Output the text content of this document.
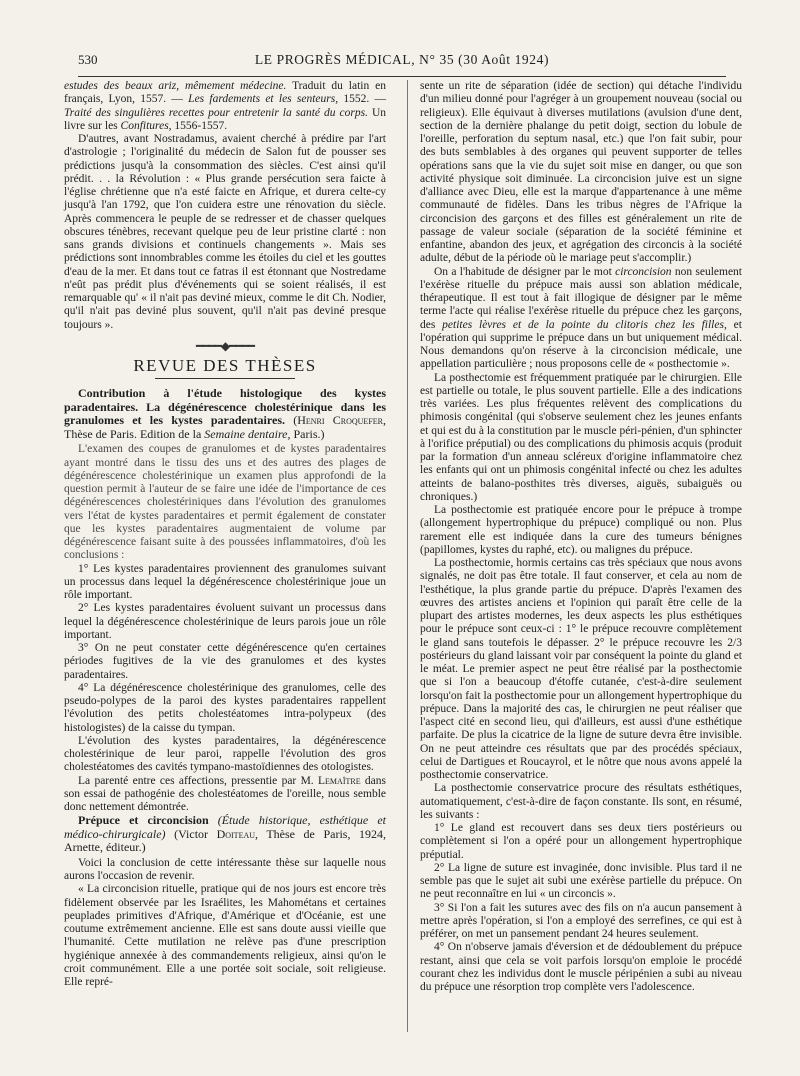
530	LE PROGRÈS MÉDICAL, N° 35 (30 Août 1924)

estudes des beaux ariz, mêmement médecine. Traduit du latin en français, Lyon, 1557. — Les fardements et les senteurs, 1552. — Traité des singulières recettes pour entretenir la santé du corps. Un livre sur les Confitures, 1556-1557.

D'autres, avant Nostradamus, avaient cherché à prédire par l'art d'astrologie ; l'originalité du médecin de Salon fut de pousser ses prédictions jusqu'à la consommation des siècles. C'est ainsi qu'il prédit. . . la Révolution : « Plus grande persécution sera faicte à l'église chrétienne que n'a esté faicte en Afrique, et durera celte-cy jusqu'à l'an 1792, que l'on cuidera estre une rénovation du siècle. Après commencera le peuple de se redresser et de chasser quelques obscures ténèbres, recevant quelque peu de leur pristine clarté : non sans grands divisions et continuels changements ». Mais ses prédictions sont innombrables comme les étoiles du ciel et les gouttes d'eau de la mer. Et dans tout ce fatras il est étonnant que Nostredame n'eût pas prédit plus d'événements qui se soient réalisés, il est remarquable qu' « il n'ait pas deviné mieux, comme le dit Ch. Nodier, qu'il n'ait pas deviné plus souvent, qu'il n'ait pas deviné presque toujours ».

━━━━◆━━━━
REVUE DES THÈSES

Contribution à l'étude histologique des kystes paradentaires. La dégénérescence cholestérinique dans les granulomes et les kystes paradentaires. (Henri Croquefer, Thèse de Paris. Edition de la Semaine dentaire, Paris.)

L'examen des coupes de granulomes et de kystes paradentaires ayant montré dans le tissu des uns et des autres des plages de dégénérescence cholestérinique un examen plus approfondi de la question permit à l'auteur de se faire une idée de l'importance de ces dégénérescences cholestériniques dans l'évolution des granulomes vers l'état de kystes paradentaires et permit également de constater que les kystes paradentaires augmentaient de volume par dégénérescence faisant suite à des poussées inflammatoires, d'où les conclusions :

1° Les kystes paradentaires proviennent des granulomes suivant un processus dans lequel la dégénérescence cholestérinique joue un rôle important.

2° Les kystes paradentaires évoluent suivant un processus dans lequel la dégénérescence cholestérinique de leurs parois joue un rôle important.

3° On ne peut constater cette dégénérescence qu'en certaines périodes fugitives de la vie des granulomes et des kystes paradentaires.

4° La dégénérescence cholestérinique des granulomes, celle des pseudo-polypes de la paroi des kystes paradentaires rappellent l'évolution des petits cholestéatomes intra-polypeux (des histologistes) de la caisse du tympan.

L'évolution des kystes paradentaires, la dégénérescence cholestérinique de leur paroi, rappelle l'évolution des gros cholestéatomes des cavités tympano-mastoïdiennes des otologistes.

La parenté entre ces affections, pressentie par M. Lemaître dans son essai de pathogénie des cholestéatomes de l'oreille, nous semble donc nettement démontrée.

Prépuce et circoncision (Étude historique, esthétique et médico-chirurgicale) (Victor Doiteau, Thèse de Paris, 1924, Arnette, éditeur.)

Voici la conclusion de cette intéressante thèse sur laquelle nous aurons l'occasion de revenir.

« La circoncision rituelle, pratique qui de nos jours est encore très fidèlement observée par les Israélites, les Mahométans et certaines peuplades primitives d'Afrique, d'Amérique et d'Océanie, est une coutume extrêmement ancienne. Elle est sans doute aussi vieille que l'humanité. Cette mutilation ne relève pas d'une prescription hygiénique annexée à des commandements religieux, ainsi qu'on le croit communément. Elle a une portée soit sociale, soit religieuse. Elle repré-

sente un rite de séparation (idée de section) qui détache l'individu d'un milieu donné pour l'agréger à un groupement nouveau (social ou religieux). Elle équivaut à diverses mutilations (avulsion d'une dent, section de la dernière phalange du petit doigt, section du lobule de l'oreille, perforation du septum nasal, etc.) que l'on fait subir, pour des buts semblables à des organes qui peuvent supporter de telles opérations sans que la vie du sujet soit mise en danger, ou que son activité physique soit diminuée. La circoncision juive est un signe d'alliance avec Dieu, elle est la marque d'appartenance à une même communauté de fidèles. Dans les tribus nègres de l'Afrique la circoncision des garçons et des filles est généralement un rite de passage de valeur sociale (séparation de la société féminine et enfantine, abandon des jeux, et agrégation des circoncis à la société adulte, début de la période où le mariage peut s'accomplir.)

On a l'habitude de désigner par le mot circoncision non seulement l'exérèse rituelle du prépuce mais aussi son ablation médicale, thérapeutique. Il est tout à fait illogique de désigner par le même terme l'acte qui réalise l'exérèse rituelle du prépuce chez les garçons, des petites lèvres et de la pointe du clitoris chez les filles, et l'opération qui supprime le prépuce dans un but uniquement médical. Nous demandons qu'on réserve à la circoncision médicale, une appellation particulière ; nous proposons celle de « posthectomie ».

La posthectomie est fréquemment pratiquée par le chirurgien. Elle est partielle ou totale, le plus souvent partielle. Elle a des indications très variées. Les plus fréquentes relèvent des complications du phimosis congénital (qui s'observe seulement chez les jeunes enfants et qui est du à la constitution par le muscle péri-pénien, d'un sphincter à l'orifice préputial) ou des complications du phimosis acquis (produit par la formation d'un anneau scléreux d'origine inflammatoire chez les enfants qui ont un phimosis congénital infecté ou chez les adultes atteints de balano-posthites très diverses, aiguës, subaiguës ou chroniques.)

La posthectomie est pratiquée encore pour le prépuce à trompe (allongement hypertrophique du prépuce) compliqué ou non. Plus rarement elle est indiquée dans la cure des tumeurs bénignes (papillomes, kystes du raphé, etc). ou malignes du prépuce.

La posthectomie, hormis certains cas très spéciaux que nous avons signalés, ne doit pas être totale. Il faut conserver, et cela au nom de l'esthétique, la plus grande partie du prépuce. D'après l'examen des œuvres des artistes anciens et l'opinion qui paraît être celle de la plupart des artistes modernes, les deux aspects les plus esthétiques pour le prépuce sont ceux-ci : 1° le prépuce recouvre complètement le gland sans toutefois le dépasser. 2° le prépuce recouvre les 2/3 postérieurs du gland laissant voir par conséquent la pointe du gland et le méat. Le premier aspect ne peut être réalisé par la posthectomie que si l'on a beaucoup d'étoffe cutanée, c'est-à-dire seulement lorsqu'on fait la posthectomie pour un allongement hypertrophique du prépuce. Dans la majorité des cas, le chirurgien ne peut réaliser que l'aspect cité en second lieu, qui d'ailleurs, est aussi d'une esthétique parfaite. De plus la cicatrice de la ligne de suture devra être invisible. On ne peut atteindre ces résultats que par des procédés spéciaux, celui de Dartigues et Roucayrol, et le nôtre que nous avons appelé la posthectomie conservatrice.

La posthectomie conservatrice procure des résultats esthétiques, automatiquement, c'est-à-dire de façon constante. Ils sont, en résumé, les suivants :

1° Le gland est recouvert dans ses deux tiers postérieurs ou complètement si l'on a opéré pour un allongement hypertrophique préputial.

2° La ligne de suture est invaginée, donc invisible. Plus tard il ne semble pas que le sujet ait subi une exérèse partielle du prépuce. On ne peut reconnaître en lui « un circoncis ».

3° Si l'on a fait les sutures avec des fils on n'a aucun pansement à mettre après l'opération, si l'on a employé des serrefines, ce qui est à préférer, on met un pansement pendant 24 heures seulement.

4° On n'observe jamais d'éversion et de dédoublement du prépuce restant, ainsi que cela se voit parfois lorsqu'on emploie le procédé courant chez les individus dont le muscle péripénien a subi au niveau du prépuce une résorption trop complète vers l'adolescence.
